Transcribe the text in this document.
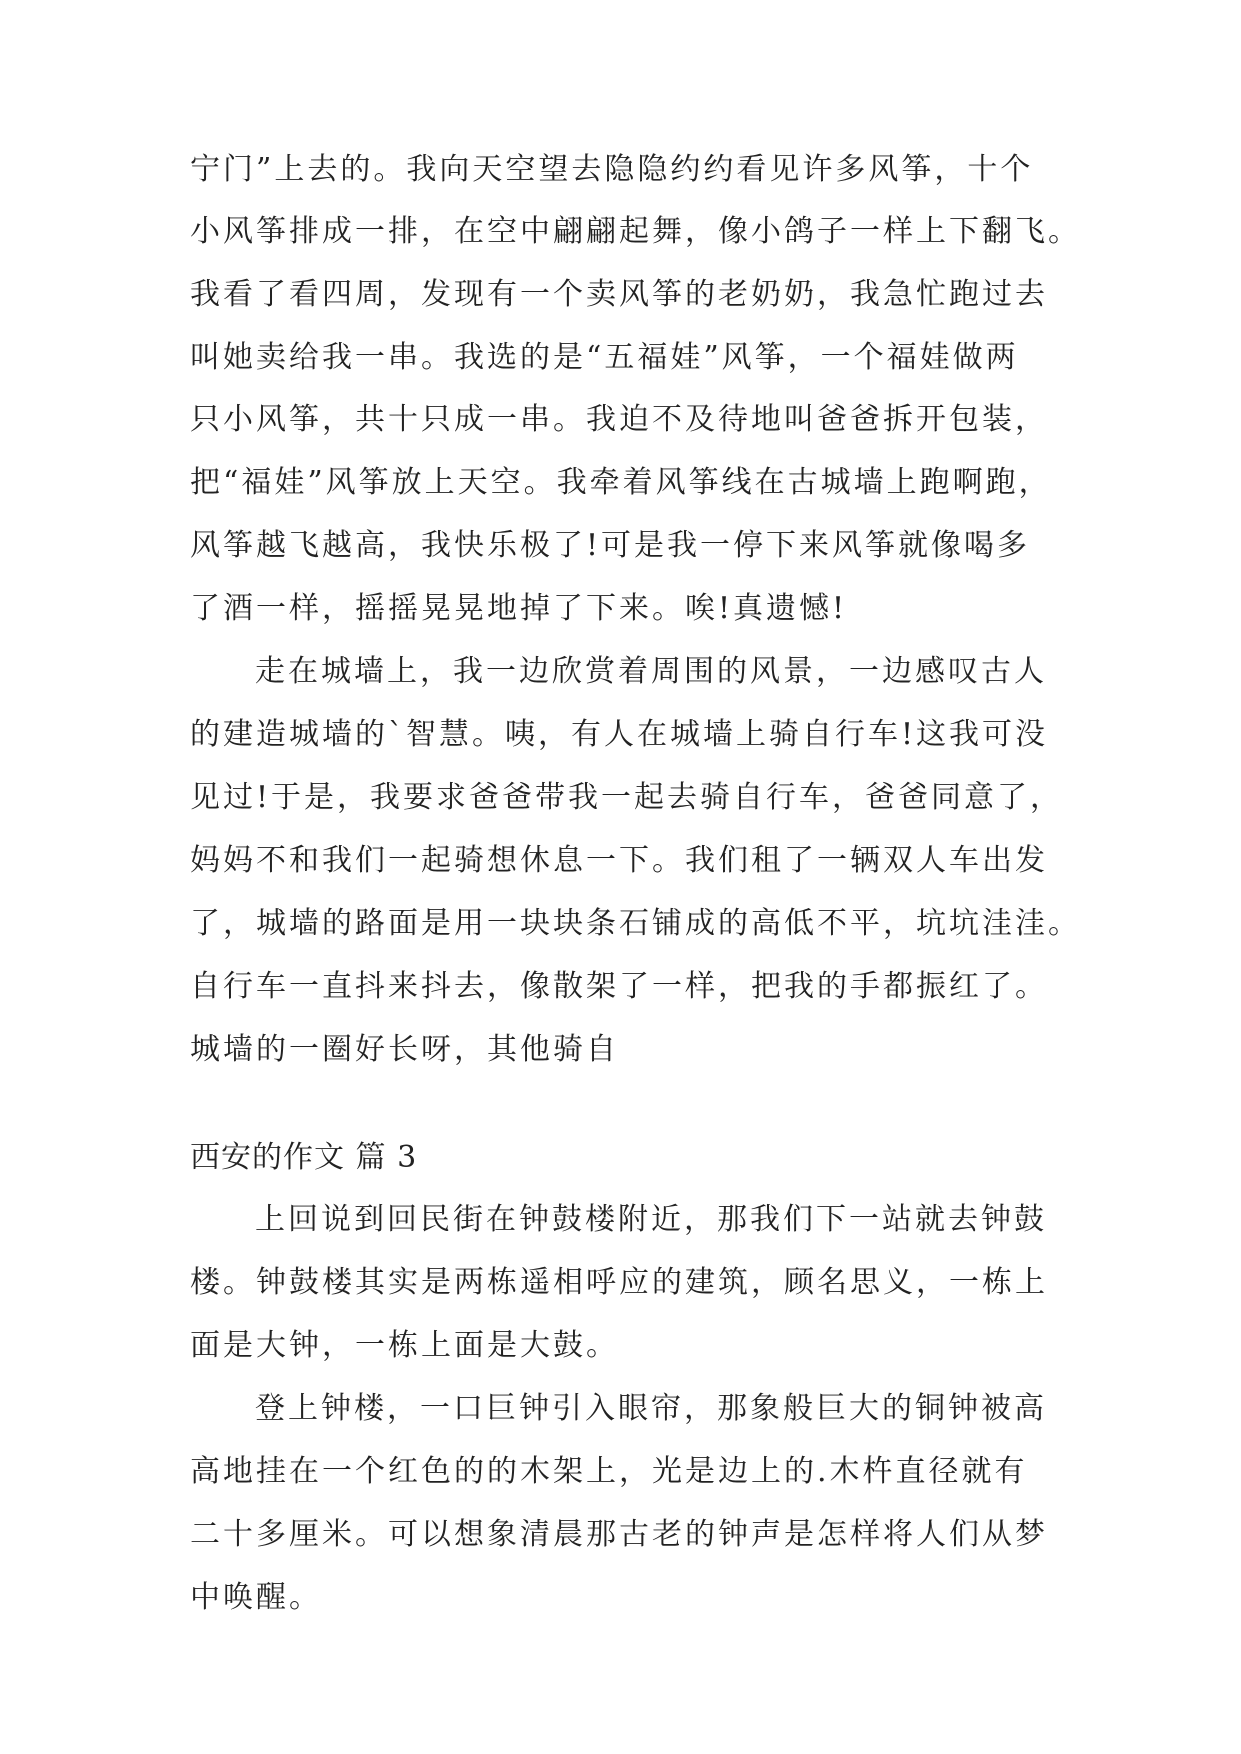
宁门”上去的。我向天空望去隐隐约约看见许多风筝，十个
小风筝排成一排，在空中翩翩起舞，像小鸽子一样上下翻飞。
我看了看四周，发现有一个卖风筝的老奶奶，我急忙跑过去
叫她卖给我一串。我选的是“五福娃”风筝，一个福娃做两
只小风筝，共十只成一串。我迫不及待地叫爸爸拆开包装，
把“福娃”风筝放上天空。我牵着风筝线在古城墙上跑啊跑，
风筝越飞越高，我快乐极了!可是我一停下来风筝就像喝多
了酒一样，摇摇晃晃地掉了下来。唉!真遗憾!
走在城墙上，我一边欣赏着周围的风景，一边感叹古人
的建造城墙的`智慧。咦，有人在城墙上骑自行车!这我可没
见过!于是，我要求爸爸带我一起去骑自行车，爸爸同意了，
妈妈不和我们一起骑想休息一下。我们租了一辆双人车出发
了，城墙的路面是用一块块条石铺成的高低不平，坑坑洼洼。
自行车一直抖来抖去，像散架了一样，把我的手都振红了。
城墙的一圈好长呀，其他骑自
西安的作文 篇 3
上回说到回民街在钟鼓楼附近，那我们下一站就去钟鼓
楼。钟鼓楼其实是两栋遥相呼应的建筑，顾名思义，一栋上
面是大钟，一栋上面是大鼓。
登上钟楼，一口巨钟引入眼帘，那象般巨大的铜钟被高
高地挂在一个红色的的木架上，光是边上的.木杵直径就有
二十多厘米。可以想象清晨那古老的钟声是怎样将人们从梦
中唤醒。
